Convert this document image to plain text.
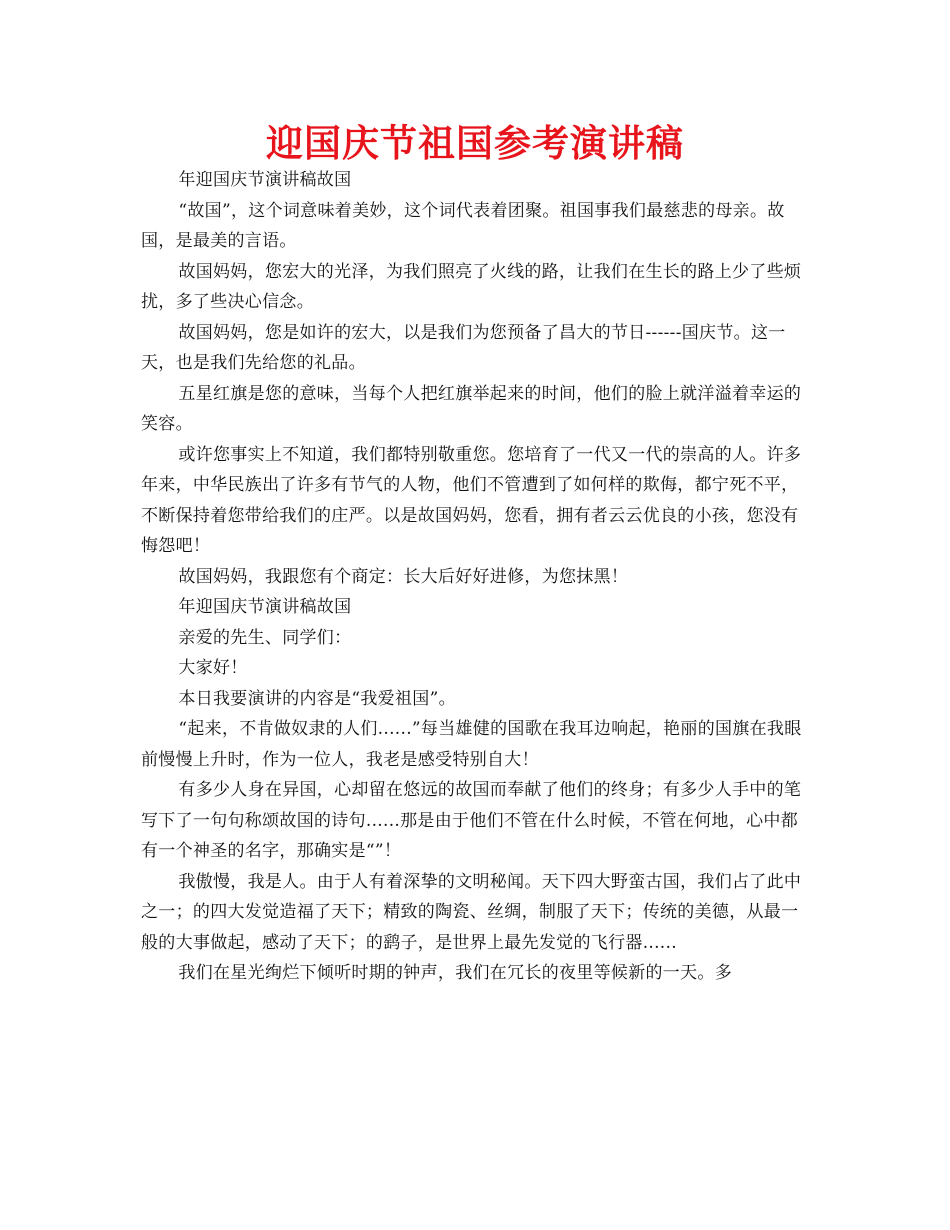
迎国庆节祖国参考演讲稿

年迎国庆节演讲稿故国

“故国”，这个词意味着美妙，这个词代表着团聚。祖国事我们最慈悲的母亲。故国，是最美的言语。

故国妈妈，您宏大的光泽，为我们照亮了火线的路，让我们在生长的路上少了些烦扰，多了些决心信念。

故国妈妈，您是如许的宏大，以是我们为您预备了昌大的节日------国庆节。这一天，也是我们先给您的礼品。

五星红旗是您的意味，当每个人把红旗举起来的时间，他们的脸上就洋溢着幸运的笑容。

或许您事实上不知道，我们都特别敬重您。您培育了一代又一代的崇高的人。许多年来，中华民族出了许多有节气的人物，他们不管遭到了如何样的欺侮，都宁死不平，不断保持着您带给我们的庄严。以是故国妈妈，您看，拥有者云云优良的小孩，您没有悔怨吧！

故国妈妈，我跟您有个商定：长大后好好进修，为您抹黑！

年迎国庆节演讲稿故国

亲爱的先生、同学们：

大家好！

本日我要演讲的内容是“我爱祖国”。

“起来，不肯做奴隶的人们......”每当雄健的国歌在我耳边响起，艳丽的国旗在我眼前慢慢上升时，作为一位人，我老是感受特别自大！

有多少人身在异国，心却留在悠远的故国而奉献了他们的终身；有多少人手中的笔写下了一句句称颂故国的诗句......那是由于他们不管在什么时候，不管在何地，心中都有一个神圣的名字，那确实是“”！

我傲慢，我是人。由于人有着深挚的文明秘闻。天下四大野蛮古国，我们占了此中之一；的四大发觉造福了天下；精致的陶瓷、丝绸，制服了天下；传统的美德，从最一般的大事做起，感动了天下；的鹞子，是世界上最先发觉的飞行器......

我们在星光绚烂下倾听时期的钟声，我们在冗长的夜里等候新的一天。多
